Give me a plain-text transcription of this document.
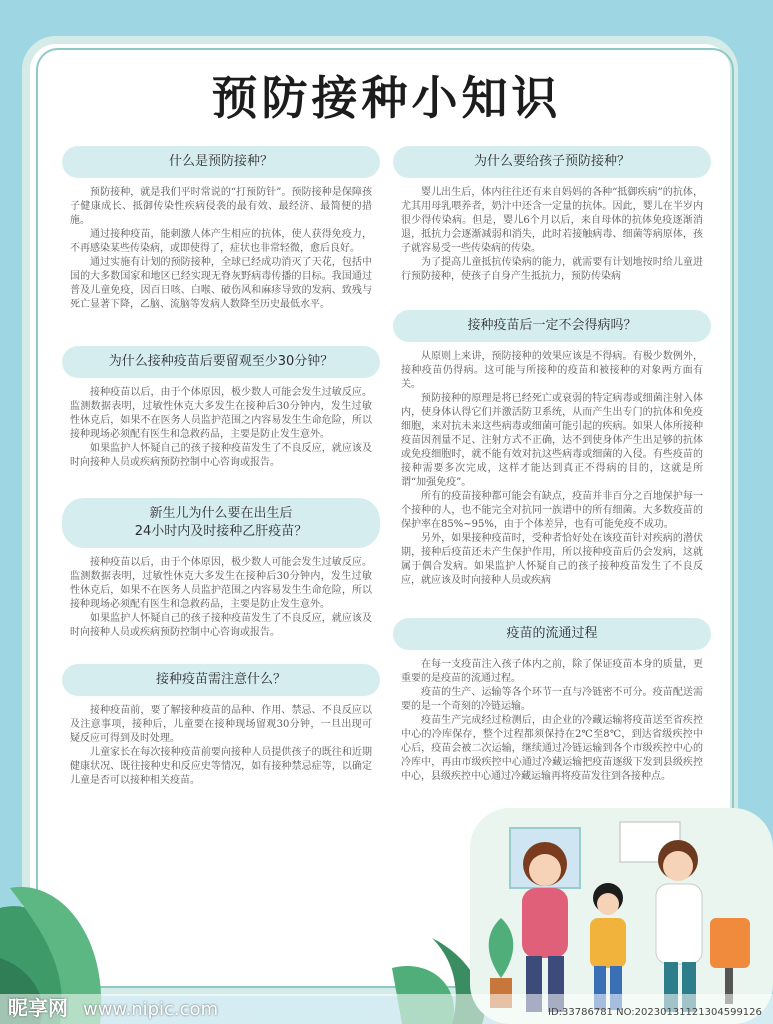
预防接种小知识
什么是预防接种？

预防接种，就是我们平时常说的“打预防针”。预防接种是保障孩子健康成长、抵御传染性疾病侵袭的最有效、最经济、最简便的措施。

通过接种疫苗，能刺激人体产生相应的抗体，使人获得免疫力，不再感染某些传染病，或即使得了，症状也非常轻微，愈后良好。

通过实施有计划的预防接种，全球已经成功消灭了天花，包括中国的大多数国家和地区已经实现无脊灰野病毒传播的目标。我国通过普及儿童免疫，因百日咳、白喉、破伤风和麻疹导致的发病、致残与死亡显著下降，乙脑、流脑等发病人数降至历史最低水平。

为什么接种疫苗后要留观至少30分钟？

接种疫苗以后，由于个体原因，极少数人可能会发生过敏反应。监测数据表明，过敏性休克大多发生在接种后30分钟内，发生过敏性休克后，如果不在医务人员监护范围之内容易发生生命危险，所以接种现场必须配有医生和急救药品，主要是防止发生意外。

如果监护人怀疑自己的孩子接种疫苗发生了不良反应，就应该及时向接种人员或疾病预防控制中心咨询或报告。

新生儿为什么要在出生后
24小时内及时接种乙肝疫苗？

接种疫苗以后，由于个体原因，极少数人可能会发生过敏反应。监测数据表明，过敏性休克大多发生在接种后30分钟内，发生过敏性休克后，如果不在医务人员监护范围之内容易发生生命危险，所以接种现场必须配有医生和急救药品，主要是防止发生意外。

如果监护人怀疑自己的孩子接种疫苗发生了不良反应，就应该及时向接种人员或疾病预防控制中心咨询或报告。

接种疫苗需注意什么？

接种疫苗前，要了解接种疫苗的品种、作用、禁忌、不良反应以及注意事项，接种后，儿童要在接种现场留观30分钟，一旦出现可疑反应可得到及时处理。

儿童家长在每次接种疫苗前要向接种人员提供孩子的既往和近期健康状况、既往接种史和反应史等情况，如有接种禁忌症等，以确定儿童是否可以接种相关疫苗。

为什么要给孩子预防接种？

婴儿出生后，体内往往还有来自妈妈的各种“抵御疾病”的抗体，尤其用母乳喂养者，奶汁中还含一定量的抗体。因此，婴儿在半岁内很少得传染病。但是，婴儿6个月以后，来自母体的抗体免疫逐渐消退，抵抗力会逐渐减弱和消失，此时若接触病毒、细菌等病原体，孩子就容易受一些传染病的传染。

为了提高儿童抵抗传染病的能力，就需要有计划地按时给儿童进行预防接种，使孩子自身产生抵抗力，预防传染病

接种疫苗后一定不会得病吗？

从原则上来讲，预防接种的效果应该是不得病。有极少数例外，接种疫苗仍得病。这可能与所接种的疫苗和被接种的对象两方面有关。

预防接种的原理是将已经死亡或衰弱的特定病毒或细菌注射入体内，使身体认得它们并激活防卫系统，从而产生出专门的抗体和免疫细胞，来对抗未来这些病毒或细菌可能引起的疾病。如果人体所接种疫苗因剂量不足、注射方式不正确，达不到使身体产生出足够的抗体或免疫细胞时，就不能有效对抗这些病毒或细菌的入侵。有些疫苗的接种需要多次完成，这样才能达到真正不得病的目的，这就是所谓“加强免疫”。

所有的疫苗接种都可能会有缺点，疫苗并非百分之百地保护每一个接种的人，也不能完全对抗同一族谱中的所有细菌。大多数疫苗的保护率在85%~95%，由于个体差异，也有可能免疫不成功。

另外，如果接种疫苗时，受种者恰好处在该疫苗针对疾病的潜伏期，接种后疫苗还未产生保护作用，所以接种疫苗后仍会发病，这就属于偶合发病。如果监护人怀疑自己的孩子接种疫苗发生了不良反应，就应该及时向接种人员或疾病

疫苗的流通过程

在每一支疫苗注入孩子体内之前，除了保证疫苗本身的质量，更重要的是疫苗的流通过程。

疫苗的生产、运输等各个环节一直与冷链密不可分。疫苗配送需要的是一个奇刻的冷链运输。

疫苗生产完成经过检测后，由企业的冷藏运输将疫苗送至省疾控中心的冷库保存，整个过程都须保持在2℃至8℃，到达省级疾控中心后，疫苗会被二次运输，继续通过冷链运输到各个市级疾控中心的冷库中，再由市级疾控中心通过冷藏运输把疫苗逐级下发到县级疾控中心，县级疾控中心通过冷藏运输再将疫苗发往到各接种点。

昵享网 www.nipic.com	ID:33786781 NO:20230131121304599126
